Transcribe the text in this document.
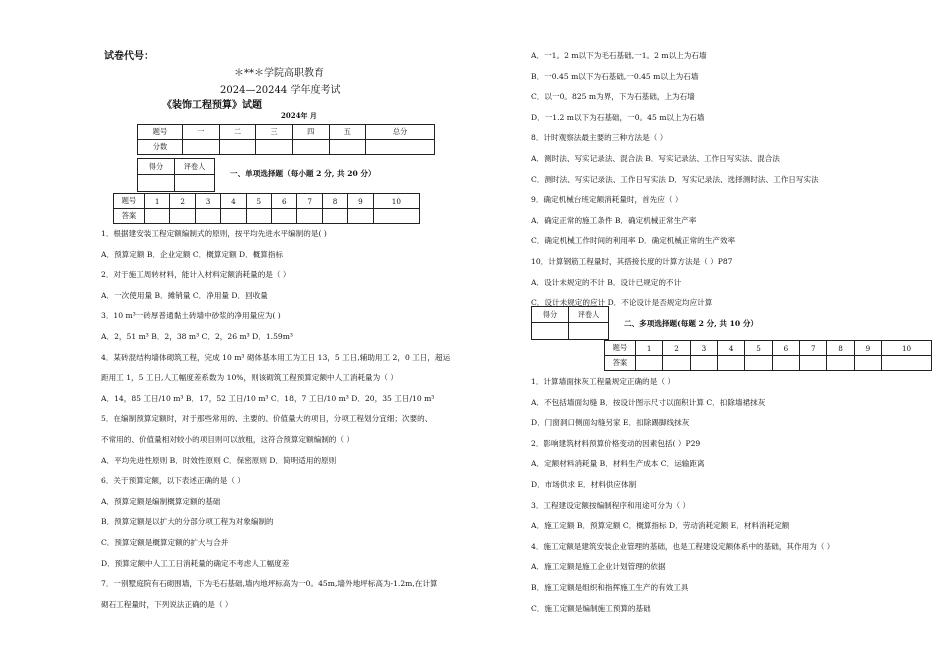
试卷代号：
＊**＊学院高职教育
2024—20244 学年度考试
《装饰工程预算》试题
2024年 月
题号	一	二	三	四	五	总分
分数						
得分	评卷人

一、单项选择题（每小题 2 分, 共 20 分）
题号	1	2	3	4	5	6	7	8	9	10
答案										
1．根据建安装工程定额编制式的原则，按平均先进水平编制的是( )
A．预算定额 B．企业定额 C．概算定额 D．概算指标
2．对于施工周转材料，能计入材料定额消耗量的是（ ）
A．一次使用量 B．摊销量 C．净用量 D．回收量
3．10 m³一砖厚普通黏土砖墙中砂浆的净用量应为( )
A．2，51 m³ B．2，38 m³ C．2，26 m³ D．1.59m³
4．某砖混结构墙体砌筑工程，完成 10 m³ 砌体基本用工为工日 13，5 工日,辅助用工 2，0 工日，超运
距用工 1，5 工日,人工幅度差系数为 10%，则该砌筑工程预算定额中人工消耗量为（ ）
A．14，85 工日/10 m³ B．17，52 工日/10 m³ C．18，7 工日/10 m³ D．20，35 工日/10 m³
5．在编制预算定额时，对于那些常用的、主要的、价值量大的项目，分项工程划分宜细；次要的、
不常用的、价值量相对较小的项目则可以放粗，这符合预算定额编制的（ ）
A．平均先进性原则 B．时效性原则 C．保密原则 D．简明适用的原则
6．关于预算定额，以下表述正确的是（ ）
A．预算定额是编制概算定额的基础
B．预算定额是以扩大的分部分项工程为对象编制的
C．预算定额是概算定额的扩大与合并
D．预算定额中人工工日消耗量的确定不考虑人工幅度差
7．一别墅庭院有石砌围墙，下为毛石基础,墙内地坪标高为一0。45m,墙外地坪标高为-1.2m,在计算
砌石工程量时，下列说法正确的是（ ）
A．一1。2 m以下为毛石基础,一1。2 m以上为石墙
B．一0.45 m以下为石基础,一0.45 m以上为石墙
C．以一0。825 m为界，下为石基础，上为石墙
D．一1.2 m以下为石基础，一0。45 m以上为石墙
8．计时观察法最主要的三种方法是（ ）
A．测时法、写实记录法、混合法 B．写实记录法、工作日写实法、混合法
C．测时法、写实记录法、工作日写实法 D．写实记录法、选择测时法、工作日写实法
9．确定机械台班定额消耗量时，首先应（ ）
A．确定正常的施工条件 B．确定机械正常生产率
C．确定机械工作时间的利用率 D．确定机械正常的生产效率
10．计算钢筋工程量时，其搭接长度的计算方法是（ ）P87
A．设计未规定的不计 B．设计已规定的不计
C．设计未规定的应计 D．不论设计是否规定均应计算
得分	评卷人

二、多项选择题(每题 2 分, 共 10 分）
题号	1	2	3	4	5	6	7	8	9	10
答案										
1．计算墙面抹灰工程量规定正确的是（ ）
A．不包括墙面勾缝 B．按设计图示尺寸以面积计算 C．扣除墙裙抹灰
D．门窗洞口侧面勾缝另家 E．扣除踢脚线抹灰
2．影响建筑材料预算价格变动的因素包括( ）P29
A．定额材料消耗量 B．材料生产成本 C．运输距离
D．市场供求 E．材料供应体制
3．工程建设定额按编制程序和用途可分为（ ）
A．施工定额 B．预算定额 C．概算指标 D．劳动消耗定额 E．材料消耗定额
4．施工定额是建筑安装企业管理的基础，也是工程建设定额体系中的基础，其作用为（ ）
A．施工定额是施工企业计划管理的依据
B．施工定额是组织和指挥施工生产的有效工具
C．施工定额是编制施工预算的基础
